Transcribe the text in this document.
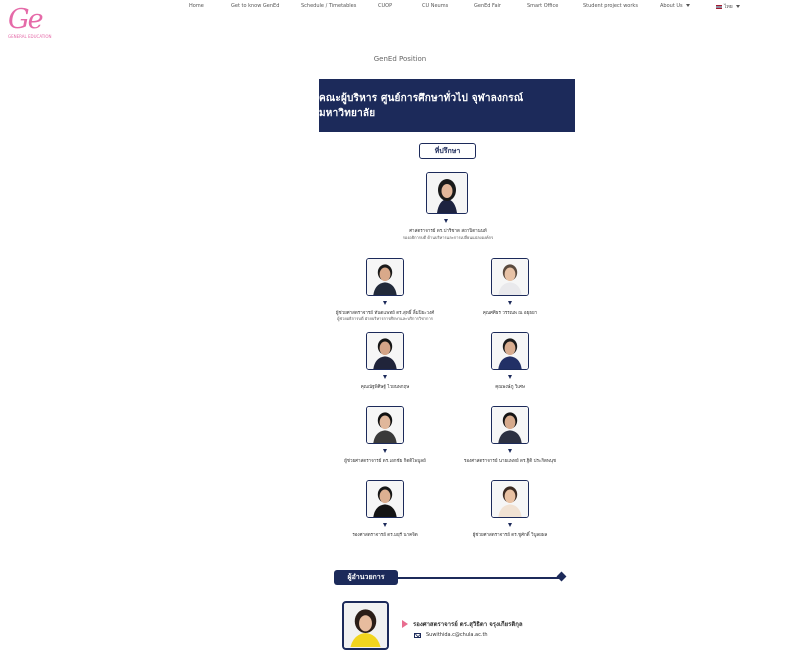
Ge
GENERAL EDUCATION
Home	Get to know GenEd	Schedule / Timetables	CUOP	CU Neums	GenEd Fair	Smart Office	Student project works	About Us	ไทย
GenEd Position
คณะผู้บริหาร ศูนย์การศึกษาทั่วไป จุฬาลงกรณ์มหาวิทยาลัย
ที่ปรึกษา
ศาสตราจารย์ ดร.ปาริชาต สถาปิตานนท์
รองอธิการบดี ด้านบริหารและการเปลี่ยนแปลงองค์กร
ผู้ช่วยศาสตราจารย์ ทันตแพทย์ ดร.สุทธิ์ ลิ้มปิยะวงศ์
ผู้ช่วยอธิการบดี ฝ่ายบริหารการศึกษาและบริการวิชาการ
คุณศศิธร วรรณพ ณ อยุธยา
คุณณัฐพิศิษฐ์ ไวยนพกฤษ	คุณพงษ์ภู วิเศษ
ผู้ช่วยศาสตราจารย์ ดร.เอกชัย กิตติไพบูลย์	รองศาสตราจารย์ นายแพทย์ ดร.ฐิติ ประกิตพนุช
รองศาสตราจารย์ ดร.มยุรี นาคจิต	ผู้ช่วยศาสตราจารย์ ดร.ชูศักดิ์ วิบูลยผล
ผู้อำนวยการ
รองศาสตราจารย์ ดร.สุวิธิดา จรุงเกียรติกุล
Suwithida.c@chula.ac.th
